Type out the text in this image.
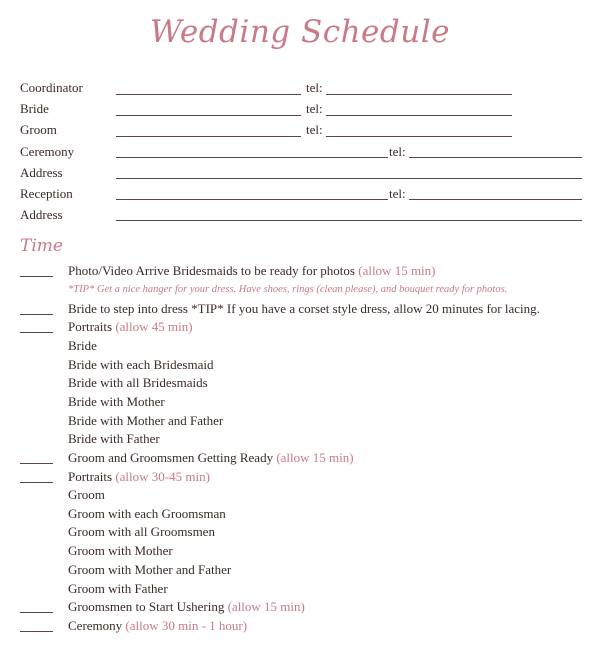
Wedding Schedule
Coordinator	tel:
Bride	tel:
Groom	tel:
Ceremony	tel:
Address
Reception	tel:
Address
Time
Photo/Video Arrive Bridesmaids to be ready for photos (allow 15 min)
*TIP* Get a nice hanger for your dress. Have shoes, rings (clean please), and bouquet ready for photos.
Bride to step into dress *TIP* If you have a corset style dress, allow 20 minutes for lacing.
Portraits (allow 45 min)
Bride
Bride with each Bridesmaid
Bride with all Bridesmaids
Bride with Mother
Bride with Mother and Father
Bride with Father
Groom and Groomsmen Getting Ready (allow 15 min)
Portraits (allow 30-45 min)
Groom
Groom with each Groomsman
Groom with all Groomsmen
Groom with Mother
Groom with Mother and Father
Groom with Father
Groomsmen to Start Ushering (allow 15 min)
Ceremony (allow 30 min - 1 hour)
